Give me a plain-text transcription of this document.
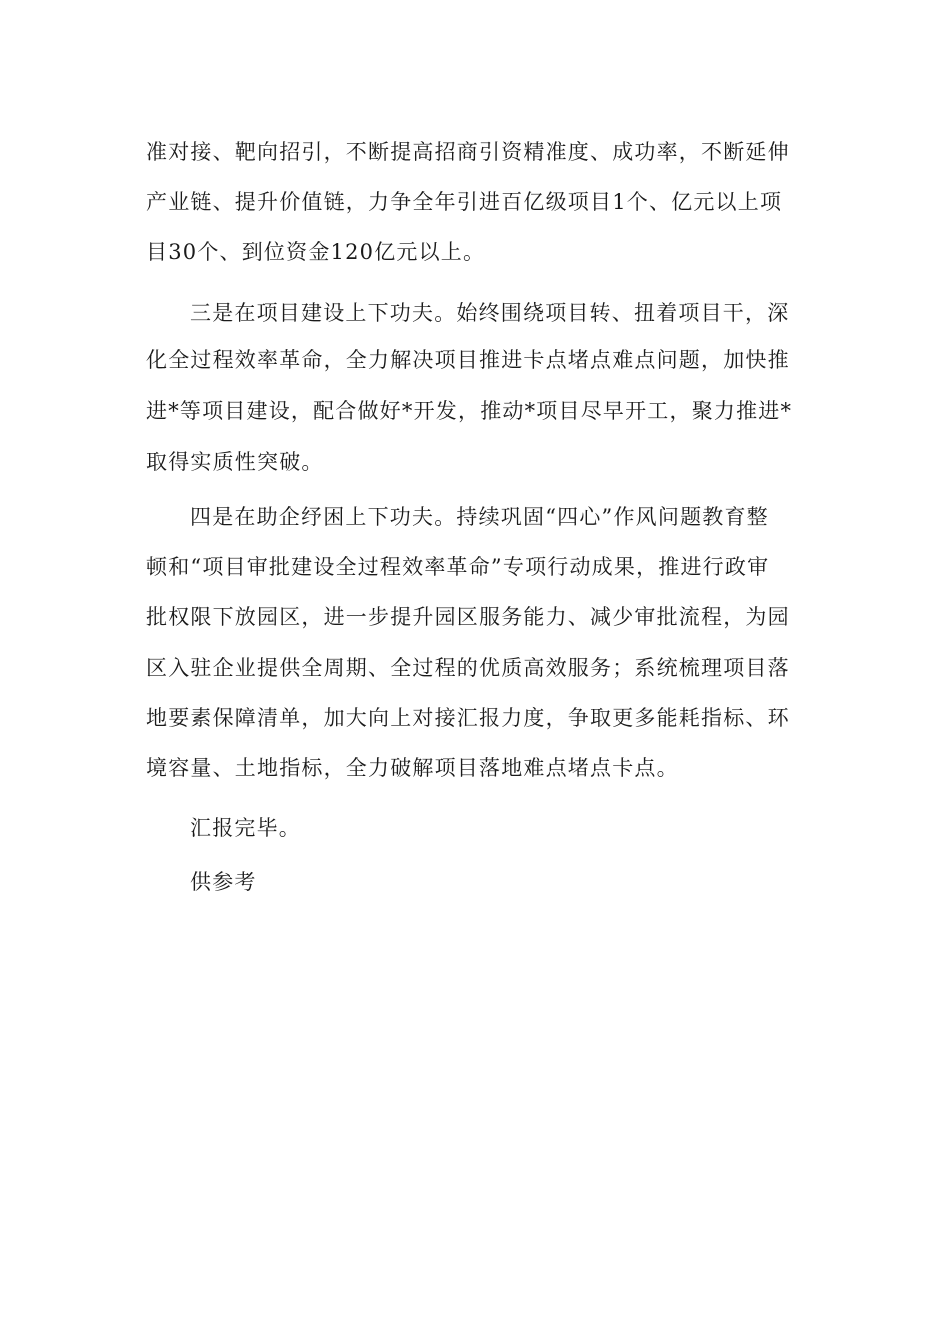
准对接、靶向招引，不断提高招商引资精准度、成功率，不断延伸
产业链、提升价值链，力争全年引进百亿级项目1个、亿元以上项
目30个、到位资金120亿元以上。
三是在项目建设上下功夫。始终围绕项目转、扭着项目干，深
化全过程效率革命，全力解决项目推进卡点堵点难点问题，加快推
进*等项目建设，配合做好*开发，推动*项目尽早开工，聚力推进*
取得实质性突破。
四是在助企纾困上下功夫。持续巩固“四心”作风问题教育整
顿和“项目审批建设全过程效率革命”专项行动成果，推进行政审
批权限下放园区，进一步提升园区服务能力、减少审批流程，为园
区入驻企业提供全周期、全过程的优质高效服务；系统梳理项目落
地要素保障清单，加大向上对接汇报力度，争取更多能耗指标、环
境容量、土地指标，全力破解项目落地难点堵点卡点。
汇报完毕。
供参考
